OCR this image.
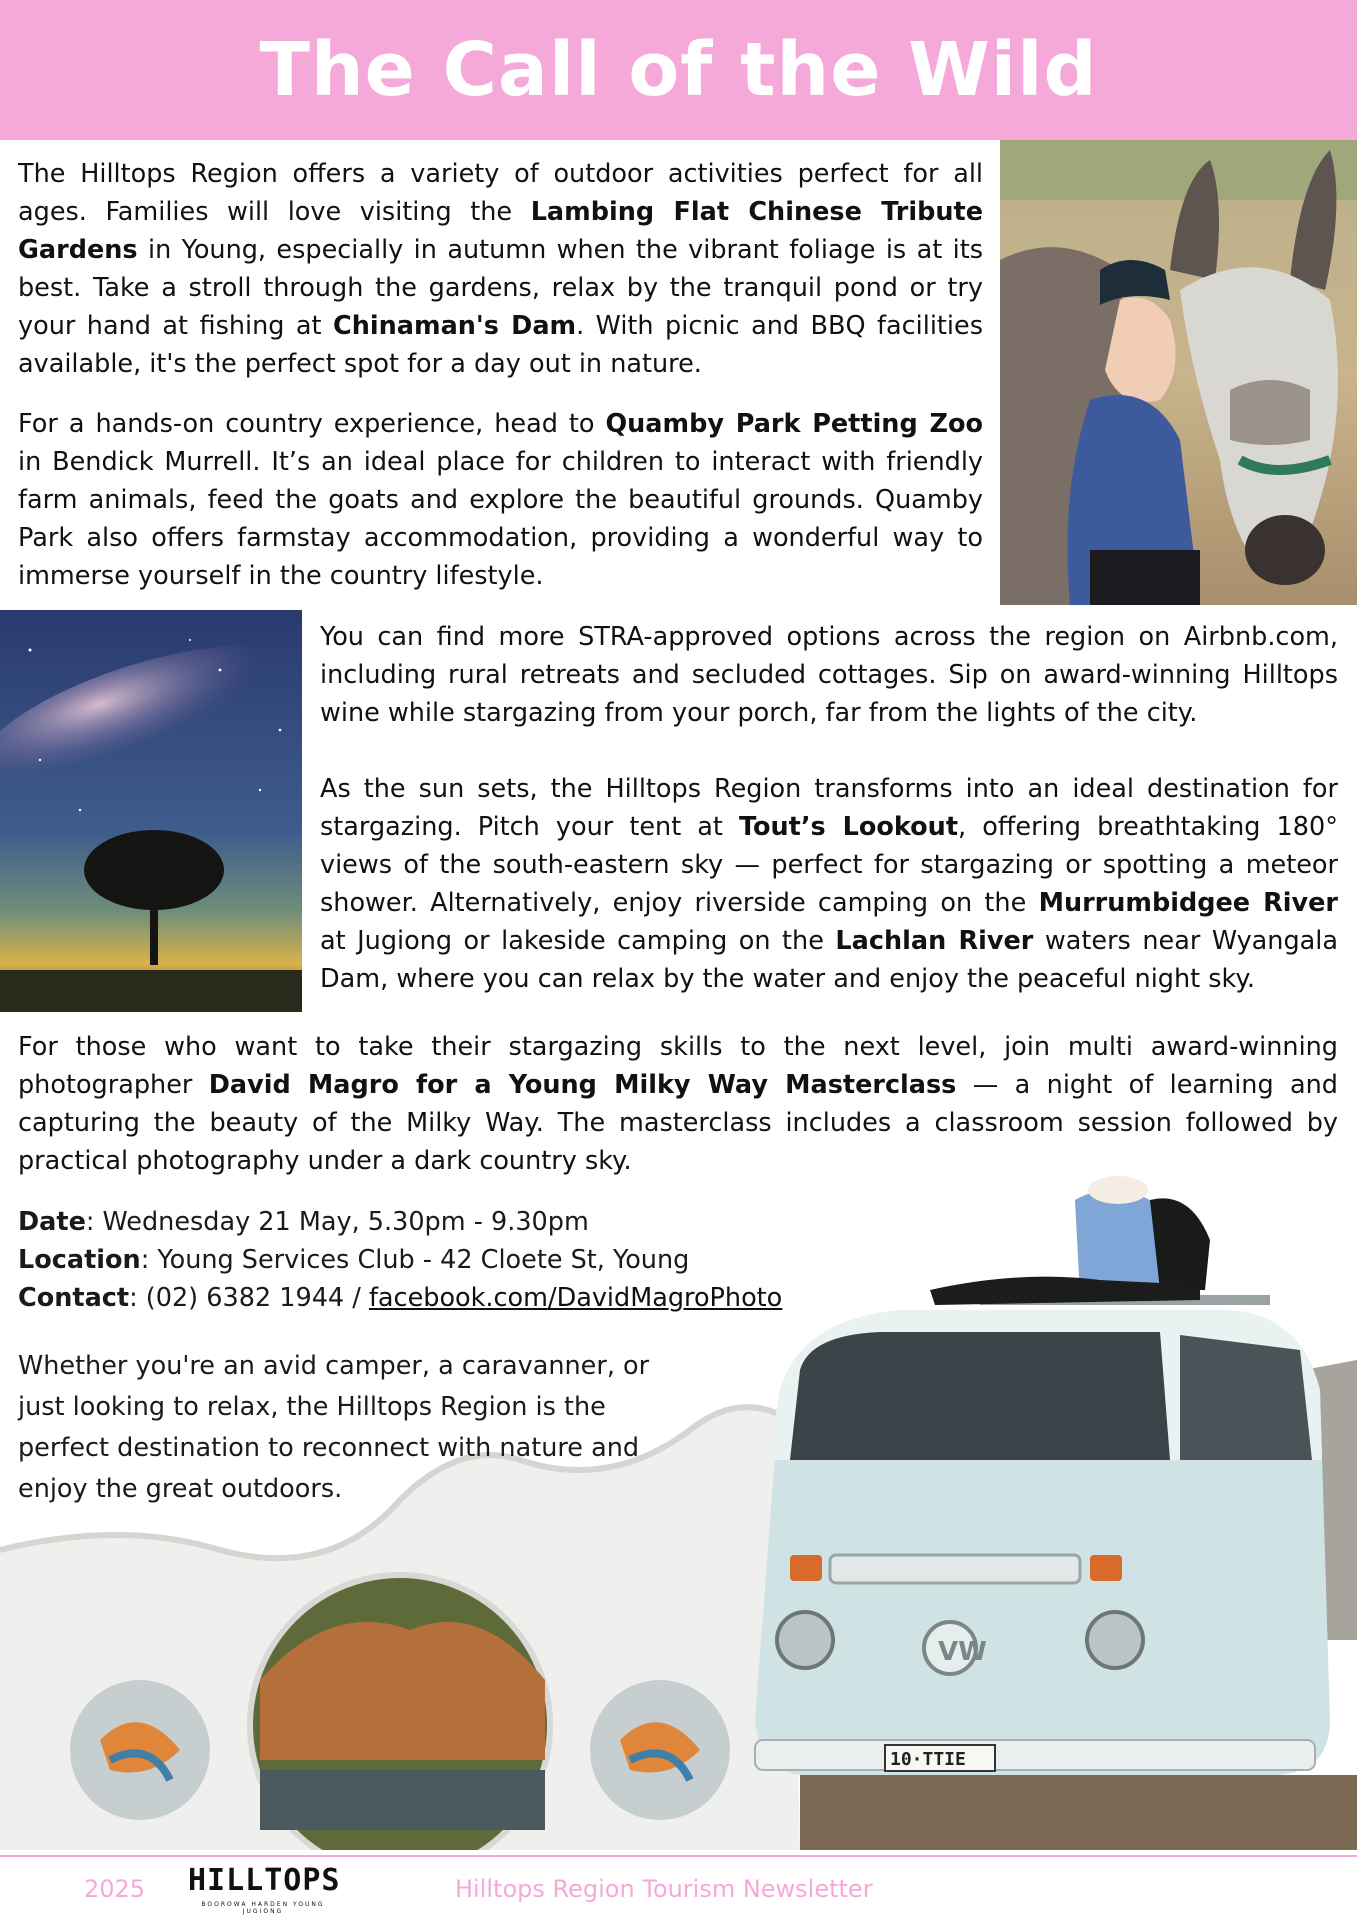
The Call of the Wild

The Hilltops Region offers a variety of outdoor activities perfect for all ages. Families will love visiting the Lambing Flat Chinese Tribute Gardens in Young, especially in autumn when the vibrant foliage is at its best. Take a stroll through the gardens, relax by the tranquil pond or try your hand at fishing at Chinaman's Dam. With picnic and BBQ facilities available, it's the perfect spot for a day out in nature.

For a hands-on country experience, head to Quamby Park Petting Zoo in Bendick Murrell. It’s an ideal place for children to interact with friendly farm animals, feed the goats and explore the beautiful grounds. Quamby Park also offers farmstay accommodation, providing a wonderful way to immerse yourself in the country lifestyle.

You can find more STRA-approved options across the region on Airbnb.com, including rural retreats and secluded cottages. Sip on award-winning Hilltops wine while stargazing from your porch, far from the lights of the city.

As the sun sets, the Hilltops Region transforms into an ideal destination for stargazing. Pitch your tent at Tout’s Lookout, offering breathtaking 180° views of the south-eastern sky — perfect for stargazing or spotting a meteor shower. Alternatively, enjoy riverside camping on the Murrumbidgee River at Jugiong or lakeside camping on the Lachlan River waters near Wyangala Dam, where you can relax by the water and enjoy the peaceful night sky.

For those who want to take their stargazing skills to the next level, join multi award-winning photographer David Magro for a Young Milky Way Masterclass — a night of learning and capturing the beauty of the Milky Way. The masterclass includes a classroom session followed by practical photography under a dark country sky.

VW
10·TTIE
Date: Wednesday 21 May, 5.30pm - 9.30pm
Location: Young Services Club - 42 Cloete St, Young
Contact: (02) 6382 1944 / facebook.com/DavidMagroPhoto

Whether you're an avid camper, a caravanner, or just looking to relax, the Hilltops Region is the perfect destination to reconnect with nature and enjoy the great outdoors.

2025 HILLTOPS
BOOROWA HARDEN YOUNG JUGIONG
Hilltops Region Tourism Newsletter
